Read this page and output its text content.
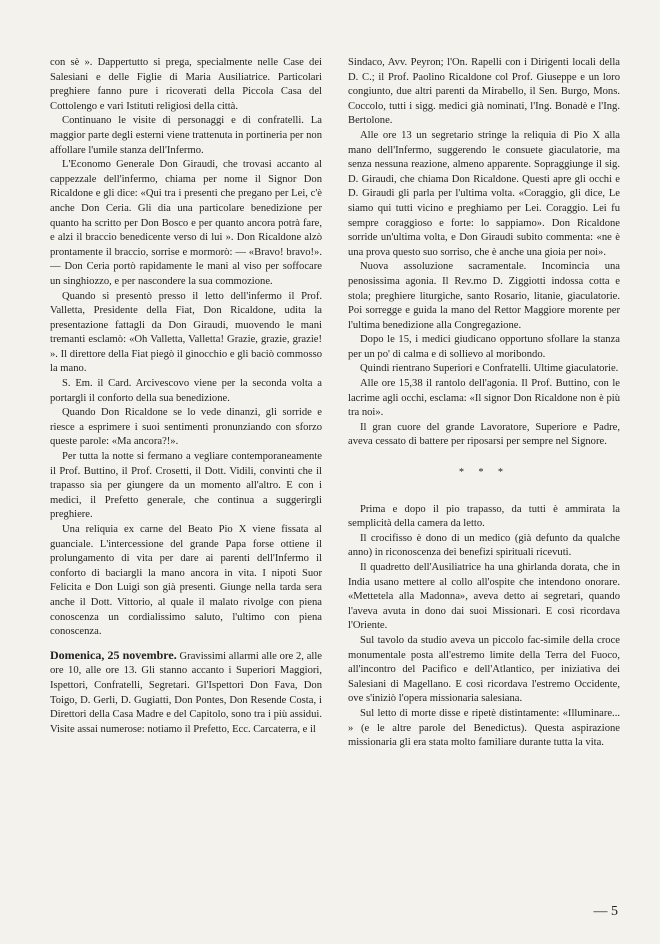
con sè ». Dappertutto si prega, specialmente nelle Case dei Salesiani e delle Figlie di Maria Ausiliatrice. Particolari preghiere fanno pure i ricoverati della Piccola Casa del Cottolengo e vari Istituti religiosi della città.

Continuano le visite di personaggi e di confratelli. La maggior parte degli esterni viene trattenuta in portineria per non affollare l'umile stanza dell'Infermo.

L'Economo Generale Don Giraudi, che trovasi accanto al cappezzale dell'infermo, chiama per nome il Signor Don Ricaldone e gli dice: «Qui tra i presenti che pregano per Lei, c'è anche Don Ceria. Gli dia una particolare benedizione per quanto ha scritto per Don Bosco e per quanto ancora potrà fare, e alzi il braccio benedicente verso di lui ». Don Ricaldone alzò prontamente il braccio, sorrise e mormorò: — «Bravo! bravo!». — Don Ceria portò rapidamente le mani al viso per soffocare un singhiozzo, e per nascondere la sua commozione.

Quando si presentò presso il letto dell'infermo il Prof. Valletta, Presidente della Fiat, Don Ricaldone, udita la presentazione fattagli da Don Giraudi, muovendo le mani tremanti esclamò: «Oh Valletta, Valletta! Grazie, grazie, grazie! ». Il direttore della Fiat piegò il ginocchio e gli baciò commosso la mano.

S. Em. il Card. Arcivescovo viene per la seconda volta a portargli il conforto della sua benedizione.

Quando Don Ricaldone se lo vede dinanzi, gli sorride e riesce a esprimere i suoi sentimenti pronunziando con sforzo queste parole: «Ma ancora?!».

Per tutta la notte si fermano a vegliare contemporaneamente il Prof. Buttino, il Prof. Crosetti, il Dott. Vidili, convinti che il trapasso sia per giungere da un momento all'altro. E con i medici, il Prefetto generale, che continua a suggerirgli preghiere.

Una reliquia ex carne del Beato Pio X viene fissata al guanciale. L'intercessione del grande Papa forse ottiene il prolungamento di vita per dare ai parenti dell'Infermo il conforto di baciargli la mano ancora in vita. I nipoti Suor Felicita e Don Luigi son già presenti. Giunge nella tarda sera anche il Dott. Vittorio, al quale il malato rivolge con piena conoscenza un cordialissimo saluto, l'ultimo con piena conoscenza.

Domenica, 25 novembre. Gravissimi allarmi alle ore 2, alle ore 10, alle ore 13. Gli stanno accanto i Superiori Maggiori, Ispettori, Confratelli, Segretari. Gl'Ispettori Don Fava, Don Toigo, D. Gerli, D. Gugiatti, Don Pontes, Don Resende Costa, i Direttori della Casa Madre e del Capitolo, sono tra i più assidui. Visite assai numerose: notiamo il Prefetto, Ecc. Carcaterra, e il

Sindaco, Avv. Peyron; l'On. Rapelli con i Dirigenti locali della D. C.; il Prof. Paolino Ricaldone col Prof. Giuseppe e un loro congiunto, due altri parenti da Mirabello, il Sen. Burgo, Mons. Coccolo, tutti i sigg. medici già nominati, l'Ing. Bonadè e l'Ing. Bertolone.

Alle ore 13 un segretario stringe la reliquia di Pio X alla mano dell'Infermo, suggerendo le consuete giaculatorie, ma senza nessuna reazione, almeno apparente. Sopraggiunge il sig. D. Giraudi, che chiama Don Ricaldone. Questi apre gli occhi e D. Giraudi gli parla per l'ultima volta. «Coraggio, gli dice, Le siamo qui tutti vicino e preghiamo per Lei. Coraggio. Lei fu sempre coraggioso e forte: lo sappiamo». Don Ricaldone sorride un'ultima volta, e Don Giraudi subito commenta: «ne è una prova questo suo sorriso, che è anche una gioia per noi».

Nuova assoluzione sacramentale. Incomincia una penosissima agonia. Il Rev.mo D. Ziggiotti indossa cotta e stola; preghiere liturgiche, santo Rosario, litanie, giaculatorie. Poi sorregge e guida la mano del Rettor Maggiore morente per l'ultima benedizione alla Congregazione.

Dopo le 15, i medici giudicano opportuno sfollare la stanza per un po' di calma e di sollievo al moribondo.

Quindi rientrano Superiori e Confratelli. Ultime giaculatorie.

Alle ore 15,38 il rantolo dell'agonia. Il Prof. Buttino, con le lacrime agli occhi, esclama: «Il signor Don Ricaldone non è più tra noi».

Il gran cuore del grande Lavoratore, Superiore e Padre, aveva cessato di battere per riposarsi per sempre nel Signore.

* * *

Prima e dopo il pio trapasso, da tutti è ammirata la semplicità della camera da letto.

Il crocifisso è dono di un medico (già defunto da qualche anno) in riconoscenza dei benefizi spirituali ricevuti.

Il quadretto dell'Ausiliatrice ha una ghirlanda dorata, che in India usano mettere al collo all'ospite che intendono onorare. «Mettetela alla Madonna», aveva detto ai segretari, quando l'aveva avuta in dono dai suoi Missionari. E così ricordava l'Oriente.

Sul tavolo da studio aveva un piccolo fac-simile della croce monumentale posta all'estremo limite della Terra del Fuoco, all'incontro del Pacifico e dell'Atlantico, per iniziativa dei Salesiani di Magellano. E così ricordava l'estremo Occidente, ove s'iniziò l'opera missionaria salesiana.

Sul letto di morte disse e ripetè distintamente: «Illuminare... » (e le altre parole del Benedictus). Questa aspirazione missionaria gli era stata molto familiare durante tutta la vita.

— 5
